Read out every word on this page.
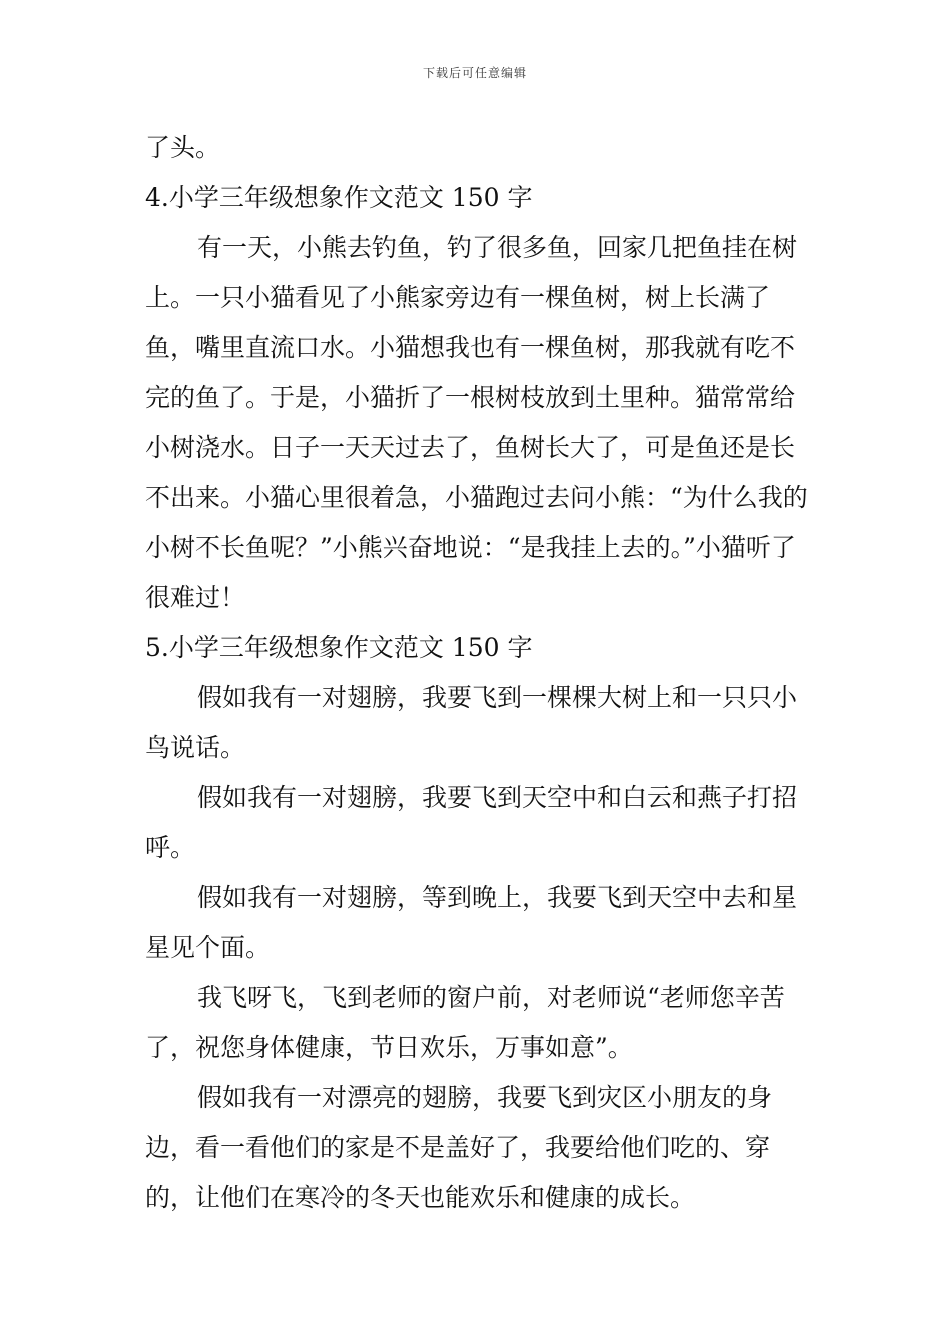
下载后可任意编辑

了头。

4.小学三年级想象作文范文 150 字

有一天，小熊去钓鱼，钓了很多鱼，回家几把鱼挂在树上。一只小猫看见了小熊家旁边有一棵鱼树，树上长满了鱼，嘴里直流口水。小猫想我也有一棵鱼树，那我就有吃不完的鱼了。于是，小猫折了一根树枝放到土里种。猫常常给小树浇水。日子一天天过去了，鱼树长大了，可是鱼还是长不出来。小猫心里很着急，小猫跑过去问小熊：“为什么我的小树不长鱼呢？”小熊兴奋地说：“是我挂上去的。”小猫听了很难过！

5.小学三年级想象作文范文 150 字

假如我有一对翅膀，我要飞到一棵棵大树上和一只只小鸟说话。

假如我有一对翅膀，我要飞到天空中和白云和燕子打招呼。

假如我有一对翅膀，等到晚上，我要飞到天空中去和星星见个面。

我飞呀飞，飞到老师的窗户前，对老师说“老师您辛苦了，祝您身体健康，节日欢乐，万事如意”。

假如我有一对漂亮的翅膀，我要飞到灾区小朋友的身边，看一看他们的家是不是盖好了，我要给他们吃的、穿的，让他们在寒冷的冬天也能欢乐和健康的成长。
